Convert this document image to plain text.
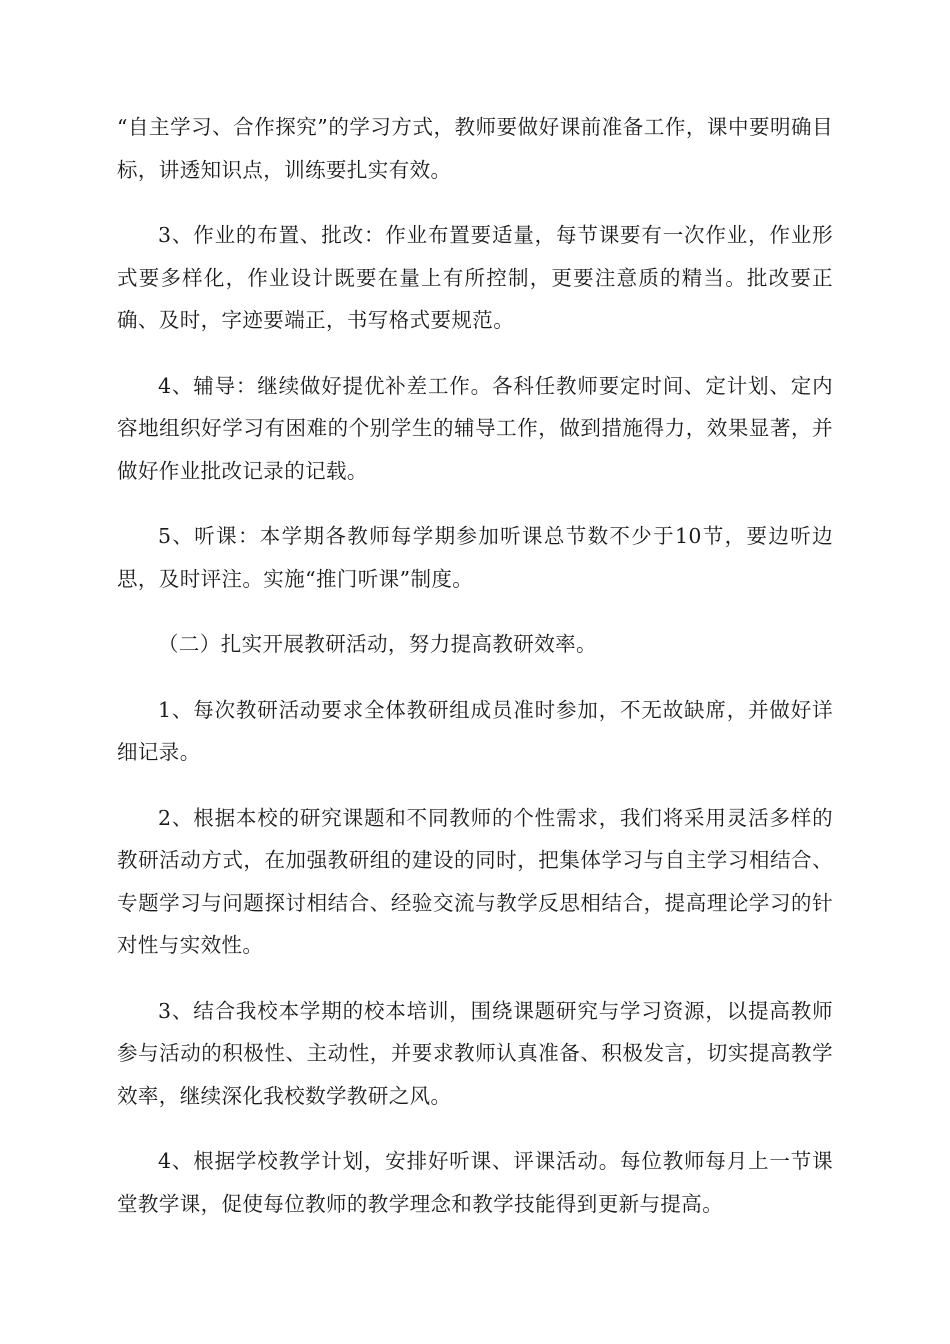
“自主学习、合作探究”的学习方式，教师要做好课前准备工作，课中要明确目标，讲透知识点，训练要扎实有效。

3、作业的布置、批改：作业布置要适量，每节课要有一次作业，作业形式要多样化，作业设计既要在量上有所控制，更要注意质的精当。批改要正确、及时，字迹要端正，书写格式要规范。

4、辅导：继续做好提优补差工作。各科任教师要定时间、定计划、定内容地组织好学习有困难的个别学生的辅导工作，做到措施得力，效果显著，并做好作业批改记录的记载。

5、听课：本学期各教师每学期参加听课总节数不少于10节，要边听边思，及时评注。实施“推门听课”制度。

（二）扎实开展教研活动，努力提高教研效率。

1、每次教研活动要求全体教研组成员准时参加，不无故缺席，并做好详细记录。

2、根据本校的研究课题和不同教师的个性需求，我们将采用灵活多样的教研活动方式，在加强教研组的建设的同时，把集体学习与自主学习相结合、专题学习与问题探讨相结合、经验交流与教学反思相结合，提高理论学习的针对性与实效性。

3、结合我校本学期的校本培训，围绕课题研究与学习资源，以提高教师参与活动的积极性、主动性，并要求教师认真准备、积极发言，切实提高教学效率，继续深化我校数学教研之风。

4、根据学校教学计划，安排好听课、评课活动。每位教师每月上一节课堂教学课，促使每位教师的教学理念和教学技能得到更新与提高。
